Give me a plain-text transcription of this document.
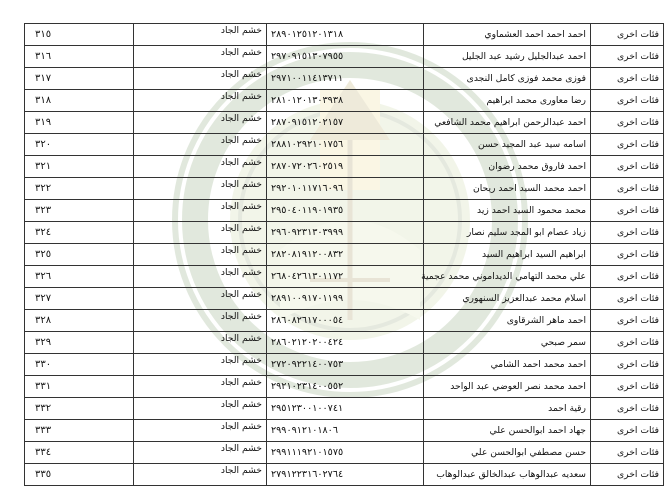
فئات اخرى	احمد احمد احمد العشماوي	٢٨٩٠١٢٥١٢٠١٣١٨	خشم الجاد	٣١٥
فئات اخرى	احمد عبدالجليل رشيد عبد الجليل	٢٩٧٠٩١٥١٣٠٧٩٥٥	خشم الجاد	٣١٦
فئات اخرى	فوزى محمد فوزى كامل النجدى	٢٩٧١٠٠١١٤١٣٧١١	خشم الجاد	٣١٧
فئات اخرى	رضا معاورى محمد ابراهيم	٢٨١٠١٢٠١٣٠٣٩٣٨	خشم الجاد	٣١٨
فئات اخرى	احمد عبدالرحمن ابراهيم محمد الشافعي	٢٨٧٠٩١٥١٢٠٢١٥٧	خشم الجاد	٣١٩
فئات اخرى	اسامه سيد عبد المجيد حسن	٢٨٨١٠٢٩٢١٠١٧٥٦	خشم الجاد	٣٢٠
فئات اخرى	احمد فاروق محمد رضوان	٢٨٧٠٧٢٠٢٦٠٢٥١٩	خشم الجاد	٣٢١
فئات اخرى	احمد محمد السيد احمد ريحان	٢٩٢٠١٠١١٧١٦٠٩٦	خشم الجاد	٣٢٢
فئات اخرى	محمد محمود السيد احمد زيد	٢٩٥٠٤٠١١٩٠١٩٣٥	خشم الجاد	٣٢٣
فئات اخرى	زياد عصام ابو المجد سليم نصار	٢٩٦٠٩٢٣١٣٠٣٩٩٩	خشم الجاد	٣٢٤
فئات اخرى	ابراهيم السيد ابراهيم السيد	٢٨٢٠٨١٩١٢٠٠٨٣٢	خشم الجاد	٣٢٥
فئات اخرى	علي محمد التهامي الديداموني محمد عجمية	٢٦٨٠٤٢٦١٣٠١١٧٢	خشم الجاد	٣٢٦
فئات اخرى	اسلام محمد عبدالعزيز السنهوري	٢٨٩١٠٠٩١٧٠١١٩٩	خشم الجاد	٣٢٧
فئات اخرى	احمد ماهر الشرقاوى	٢٨٦٠٨٢٦١٧٠٠٠٥٤	خشم الجاد	٣٢٨
فئات اخرى	سمر صبحي	٢٨٦٠٢١٢٠٢٠٠٤٢٤	خشم الجاد	٣٢٩
فئات اخرى	احمد محمد احمد الشامي	٢٧٢٠٩٢٢١٤٠٠٧٥٣	خشم الجاد	٣٣٠
فئات اخرى	احمد محمد نصر العوضي عبد الواحد	٢٩٢١٠٢٣١٤٠٠٥٥٢	خشم الجاد	٣٣١
فئات اخرى	رقية احمد	٢٩٥١٢٣٠٠١٠٠٧٤١	خشم الجاد	٣٣٢
فئات اخرى	جهاد احمد ابوالحسن علي	٢٩٩٠٩١٢١٠١٨٠٦	خشم الجاد	٣٣٣
فئات اخرى	حسن مصطفي ابوالحسن علي	٢٩٩١١١٩٢١٠١٥٧٥	خشم الجاد	٣٣٤
فئات اخرى	سعديه عبدالوهاب عبدالخالق عبدالوهاب	٢٧٩١٢٢٣١٦٠٢٧٦٤	خشم الجاد	٣٣٥
